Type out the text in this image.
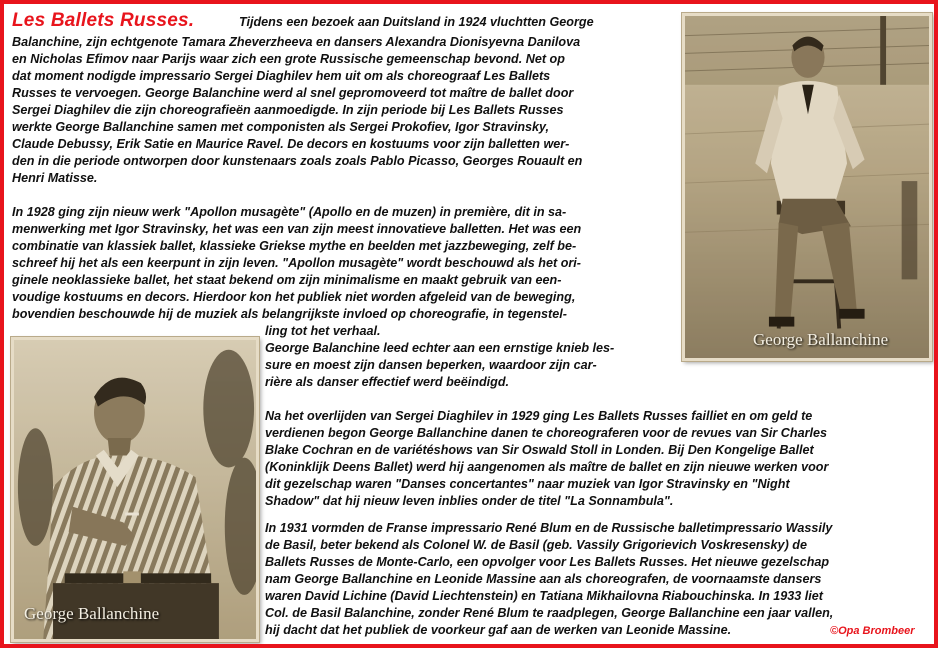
Les Ballets Russes.	Tijdens een bezoek aan Duitsland in 1924 vluchtten George
Balanchine, zijn echtgenote Tamara Zheverzheeva en dansers Alexandra Dionisyevna Danilova
en Nicholas Efimov naar Parijs waar zich een grote Russische gemeenschap bevond. Net op
dat moment nodigde impressario Sergei Diaghilev hem uit om als choreograaf Les Ballets
Russes te vervoegen. George Balanchine werd al snel gepromoveerd tot maître de ballet door
Sergei Diaghilev die zijn choreografieën aanmoedigde. In zijn periode bij Les Ballets Russes
werkte George Ballanchine samen met componisten als Sergei Prokofiev, Igor Stravinsky,
Claude Debussy, Erik Satie en Maurice Ravel. De decors en kostuums voor zijn balletten wer-
den in die periode ontworpen door kunstenaars zoals zoals Pablo Picasso, Georges Rouault en
Henri Matisse.
In 1928 ging zijn nieuw werk "Apollon musagète" (Apollo en de muzen) in première, dit in sa-
menwerking met Igor Stravinsky, het was een van zijn meest innovatieve balletten. Het was een
combinatie van klassiek ballet, klassieke Griekse mythe en beelden met jazzbeweging, zelf be-
schreef hij het als een keerpunt in zijn leven. "Apollon musagète" wordt beschouwd als het ori-
ginele neoklassieke ballet, het staat bekend om zijn minimalisme en maakt gebruik van een-
voudige kostuums en decors. Hierdoor kon het publiek niet worden afgeleid van de beweging,
bovendien beschouwde hij de muziek als belangrijkste invloed op choreografie, in tegenstel-
ling tot het verhaal.
George Balanchine leed echter aan een ernstige knieb les-
sure en moest zijn dansen beperken, waardoor zijn car-
rière als danser effectief werd beëindigd.
Na het overlijden van Sergei Diaghilev in 1929 ging Les Ballets Russes failliet en om geld te
verdienen begon George Ballanchine danen te choreograferen voor de revues van Sir Charles
Blake Cochran en de variétéshows van Sir Oswald Stoll in Londen. Bij Den Kongelige Ballet
(Koninklijk Deens Ballet) werd hij aangenomen als maître de ballet en zijn nieuwe werken voor
dit gezelschap waren "Danses concertantes" naar muziek van Igor Stravinsky en "Night
Shadow" dat hij nieuw leven inblies onder de titel "La Sonnambula".
In 1931 vormden de Franse impressario René Blum en de Russische balletimpressario Wassily
de Basil, beter bekend als Colonel W. de Basil (geb. Vassily Grigorievich Voskresensky) de
Ballets Russes de Monte-Carlo, een opvolger voor Les Ballets Russes. Het nieuwe gezelschap
nam George Ballanchine en Leonide Massine aan als choreografen, de voornaamste dansers
waren David Lichine (David Liechtenstein) en Tatiana Mikhailovna Riabouchinska. In 1933 liet
Col. de Basil Balanchine, zonder René Blum te raadplegen, George Ballanchine een jaar vallen,
hij dacht dat het publiek de voorkeur gaf aan de werken van Leonide Massine.
George Ballanchine
George Ballanchine
©Opa Brombeer
